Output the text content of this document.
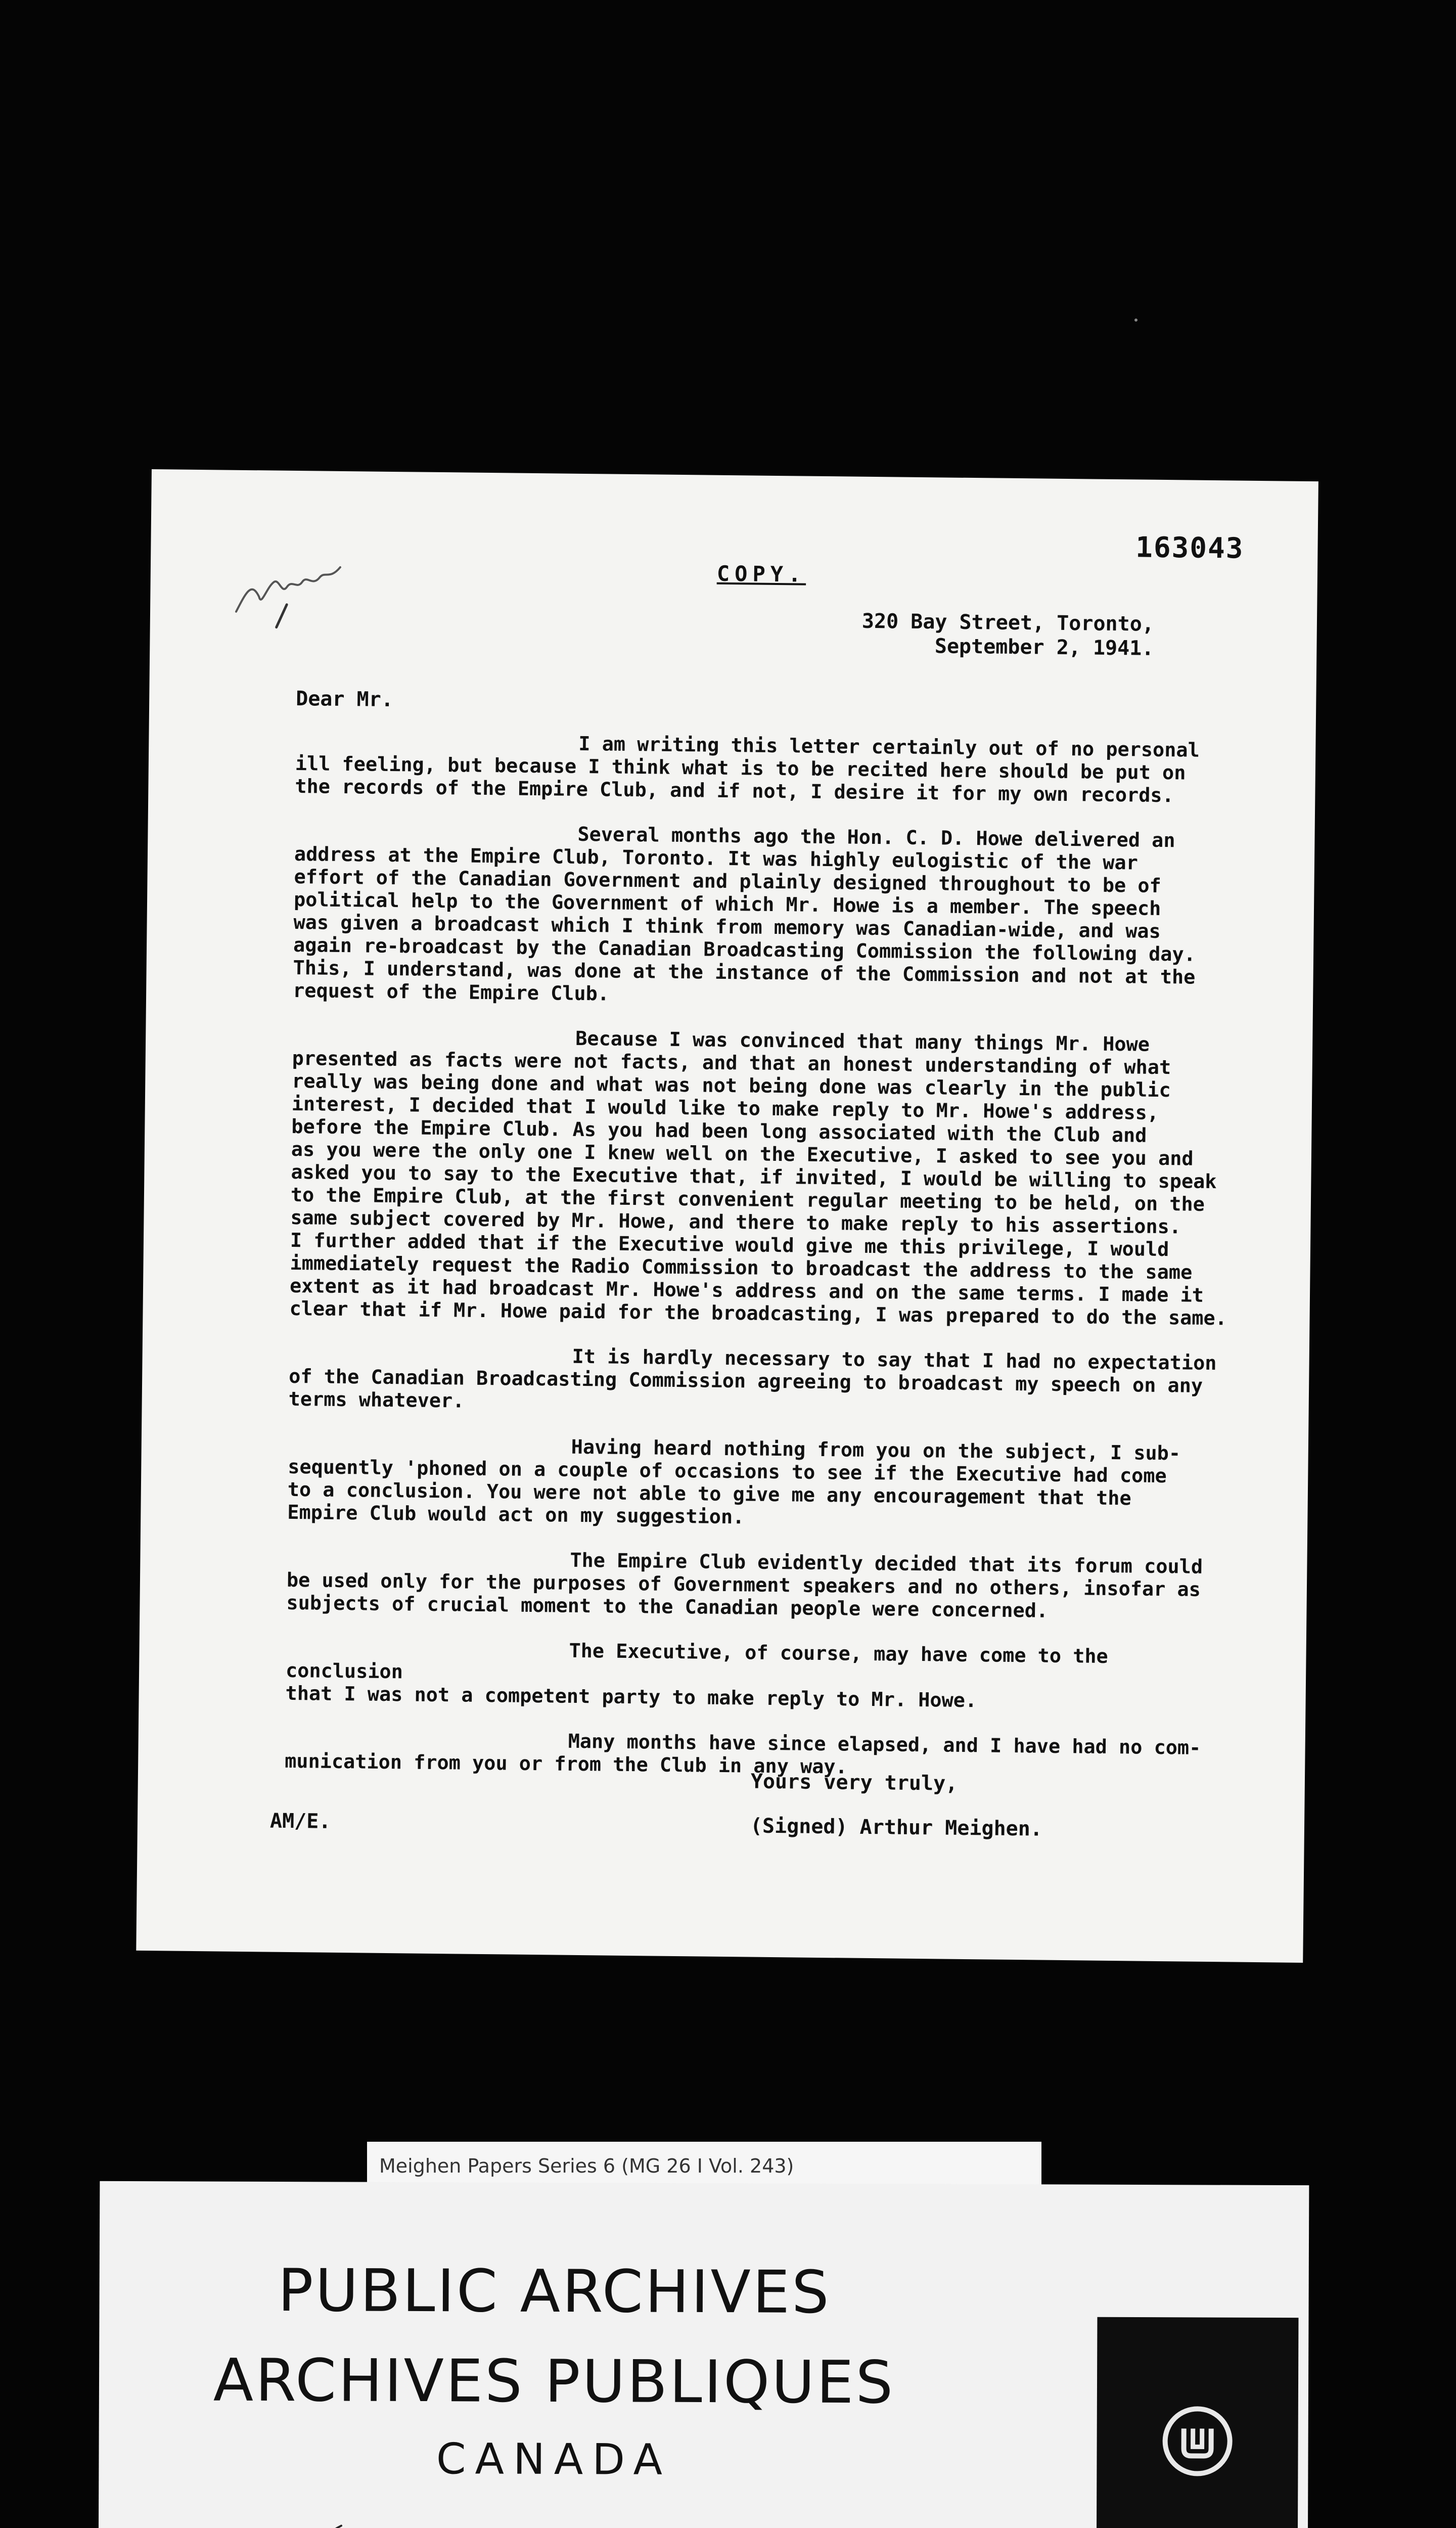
163043
COPY.
320 Bay Street, Toronto,
September 2, 1941.
Dear Mr.

I am writing this letter certainly out of no personal
ill feeling, but because I think what is to be recited here should be put on
the records of the Empire Club, and if not, I desire it for my own records.

Several months ago the Hon. C. D. Howe delivered an
address at the Empire Club, Toronto. It was highly eulogistic of the war
effort of the Canadian Government and plainly designed throughout to be of
political help to the Government of which Mr. Howe is a member. The speech
was given a broadcast which I think from memory was Canadian-wide, and was
again re-broadcast by the Canadian Broadcasting Commission the following day.
This, I understand, was done at the instance of the Commission and not at the
request of the Empire Club.

Because I was convinced that many things Mr. Howe
presented as facts were not facts, and that an honest understanding of what
really was being done and what was not being done was clearly in the public
interest, I decided that I would like to make reply to Mr. Howe's address,
before the Empire Club. As you had been long associated with the Club and
as you were the only one I knew well on the Executive, I asked to see you and
asked you to say to the Executive that, if invited, I would be willing to speak
to the Empire Club, at the first convenient regular meeting to be held, on the
same subject covered by Mr. Howe, and there to make reply to his assertions.
I further added that if the Executive would give me this privilege, I would
immediately request the Radio Commission to broadcast the address to the same
extent as it had broadcast Mr. Howe's address and on the same terms. I made it
clear that if Mr. Howe paid for the broadcasting, I was prepared to do the same.

It is hardly necessary to say that I had no expectation
of the Canadian Broadcasting Commission agreeing to broadcast my speech on any
terms whatever.

Having heard nothing from you on the subject, I sub-
sequently 'phoned on a couple of occasions to see if the Executive had come
to a conclusion. You were not able to give me any encouragement that the
Empire Club would act on my suggestion.

The Empire Club evidently decided that its forum could
be used only for the purposes of Government speakers and no others, insofar as
subjects of crucial moment to the Canadian people were concerned.

The Executive, of course, may have come to the conclusion
that I was not a competent party to make reply to Mr. Howe.

Many months have since elapsed, and I have had no com-
munication from you or from the Club in any way.

Yours very truly,
AM/E.	(Signed) Arthur Meighen.
Meighen Papers Series 6 (MG 26 I Vol. 243)
PUBLIC ARCHIVES
ARCHIVES PUBLIQUES
CANADA
